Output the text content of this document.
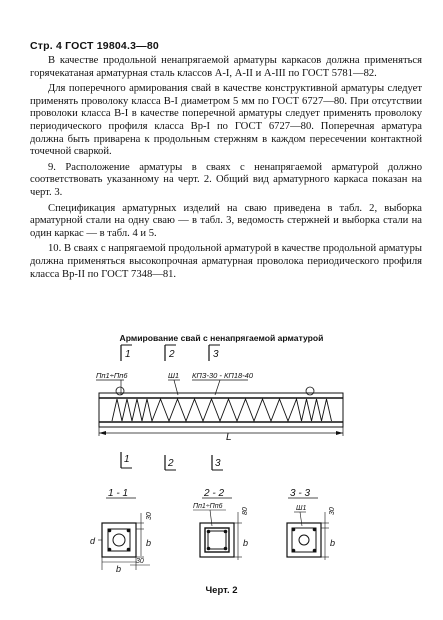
Стр. 4 ГОСТ 19804.3—80

В качестве продольной ненапрягаемой арматуры каркасов должна применяться горячекатаная арматурная сталь классов А-I, А-II и А-III по ГОСТ 5781—82.

Для поперечного армирования свай в качестве конструктивной арматуры следует применять проволоку класса В-I диаметром 5 мм по ГОСТ 6727—80. При отсутствии проволоки класса В-I в качестве поперечной арматуры следует применять проволоку периодического профиля класса Вр-I по ГОСТ 6727—80. Поперечная арматура должна быть приварена к продольным стержням в каждом пересечении контактной точечной сваркой.

9. Расположение арматуры в сваях с ненапрягаемой арматурой должно соответствовать указанному на черт. 2. Общий вид арматурного каркаса показан на черт. 3.

Спецификация арматурных изделий на сваю приведена в табл. 2, выборка арматурной стали на одну сваю — в табл. 3, ведомость стержней и выборка стали на один каркас — в табл. 4 и 5.

10. В сваях с напрягаемой продольной арматурой в качестве продольной арматуры должна применяться высокопрочная арматурная проволока периодического профиля класса Вр-II по ГОСТ 7348—81.

Армирование свай с ненапрягаемой арматурой
1	2	3
Пп1÷Пп6	Ш1 КПЗ-30 - КП18-40
L
1	2	3
1 - 1
30
b
d
b
30
2 - 2
Пп1÷Пп6
80
b
3 - 3
Ш1	30
b
Черт. 2
